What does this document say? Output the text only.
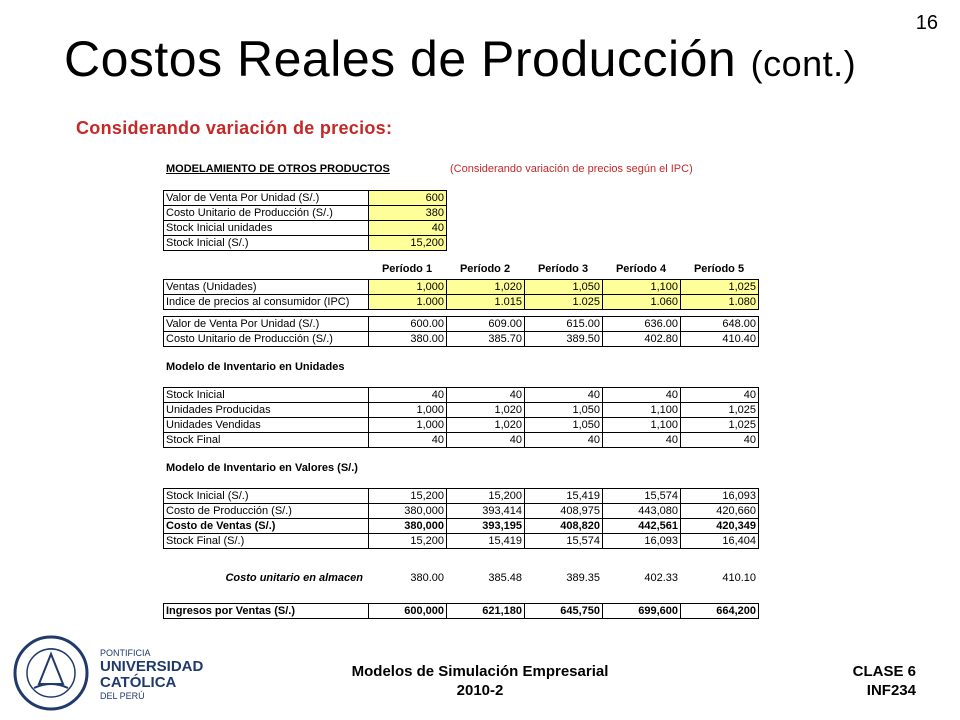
16
Costos Reales de Producción (cont.)
Considerando variación de precios:
MODELAMIENTO DE OTROS PRODUCTOS	(Considerando variación de precios según el IPC)
Valor de Venta Por Unidad (S/.)	600
Costo Unitario de Producción (S/.)	380
Stock Inicial unidades	40
Stock Inicial (S/.)	15,200
Período 1	Período 2	Período 3	Período 4	Período 5
Ventas (Unidades)	1,000	1,020	1,050	1,100	1,025
Indice de precios al consumidor (IPC)	1.000	1.015	1.025	1.060	1.080
Valor de Venta Por Unidad (S/.)	600.00	609.00	615.00	636.00	648.00
Costo Unitario de Producción (S/.)	380.00	385.70	389.50	402.80	410.40
Modelo de Inventario en Unidades
Stock Inicial	40	40	40	40	40
Unidades Producidas	1,000	1,020	1,050	1,100	1,025
Unidades Vendidas	1,000	1,020	1,050	1,100	1,025
Stock Final	40	40	40	40	40
Modelo de Inventario en Valores (S/.)
Stock Inicial (S/.)	15,200	15,200	15,419	15,574	16,093
Costo de Producción (S/.)	380,000	393,414	408,975	443,080	420,660
Costo de Ventas (S/.)	380,000	393,195	408,820	442,561	420,349
Stock Final (S/.)	15,200	15,419	15,574	16,093	16,404
Costo unitario en almacen	380.00	385.48	389.35	402.33	410.10
Ingresos por Ventas (S/.)	600,000	621,180	645,750	699,600	664,200
PONTIFICIA
UNIVERSIDAD
CATÓLICA
DEL PERÚ
Modelos de Simulación Empresarial
2010-2
CLASE 6
INF234
